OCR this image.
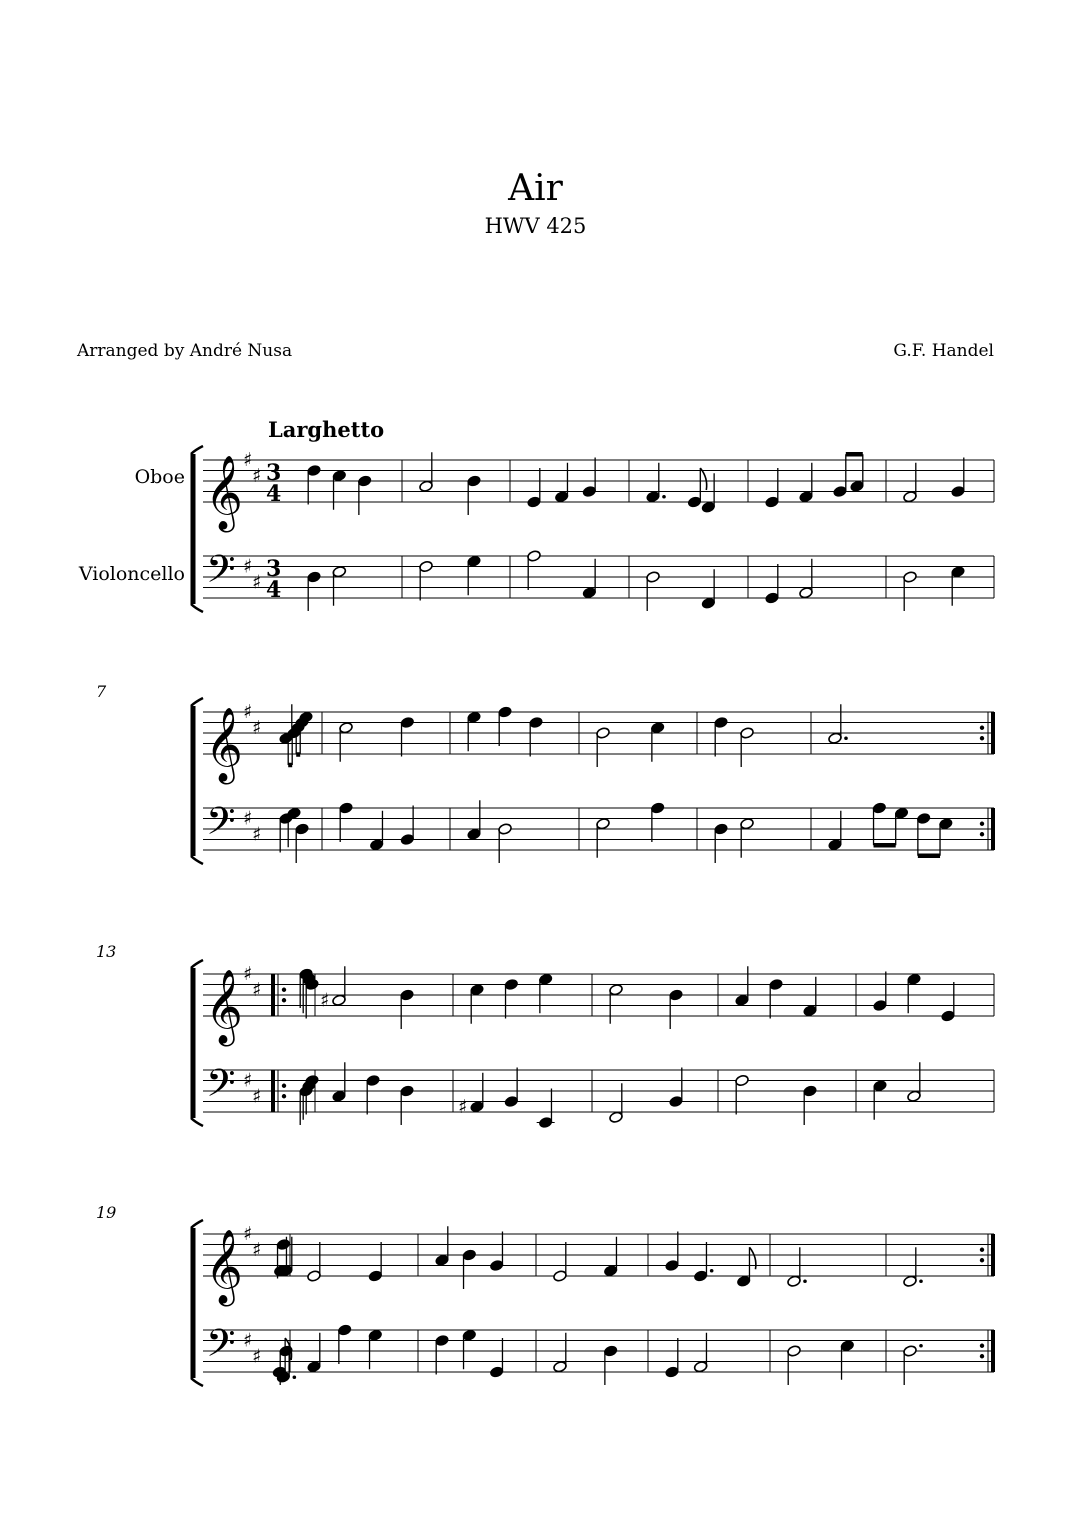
Air
HWV 425
Arranged by André Nusa	G.F. Handel
Larghetto
Oboe
Violoncello
7
13
19
𝄞
𝄢
♯
♯
♯
♯
3
4
3
4
𝄞
𝄢
♯
♯
♯
♯
𝄞
𝄢
♯
♯
♯
♯
♯
♯
𝄞
𝄢
♯
♯
♯
♯
